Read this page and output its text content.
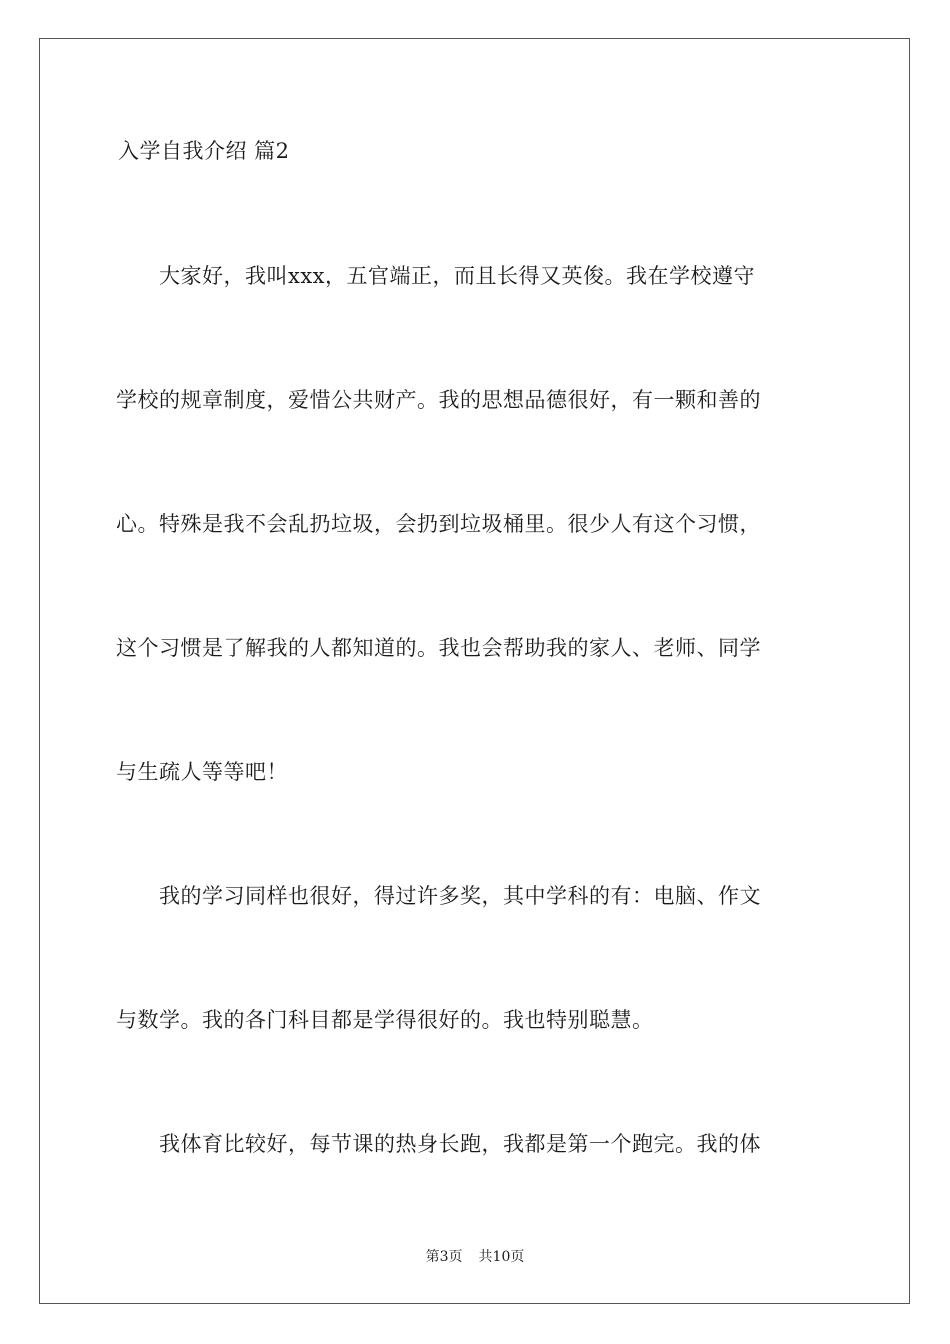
入学自我介绍 篇2
　　大家好，我叫xxx，五官端正，而且长得又英俊。我在学校遵守
学校的规章制度，爱惜公共财产。我的思想品德很好，有一颗和善的
心。特殊是我不会乱扔垃圾，会扔到垃圾桶里。很少人有这个习惯，
这个习惯是了解我的人都知道的。我也会帮助我的家人、老师、同学
与生疏人等等吧！
　　我的学习同样也很好，得过许多奖，其中学科的有：电脑、作文
与数学。我的各门科目都是学得很好的。我也特别聪慧。
　　我体育比较好，每节课的热身长跑，我都是第一个跑完。我的体
第3页 共10页
